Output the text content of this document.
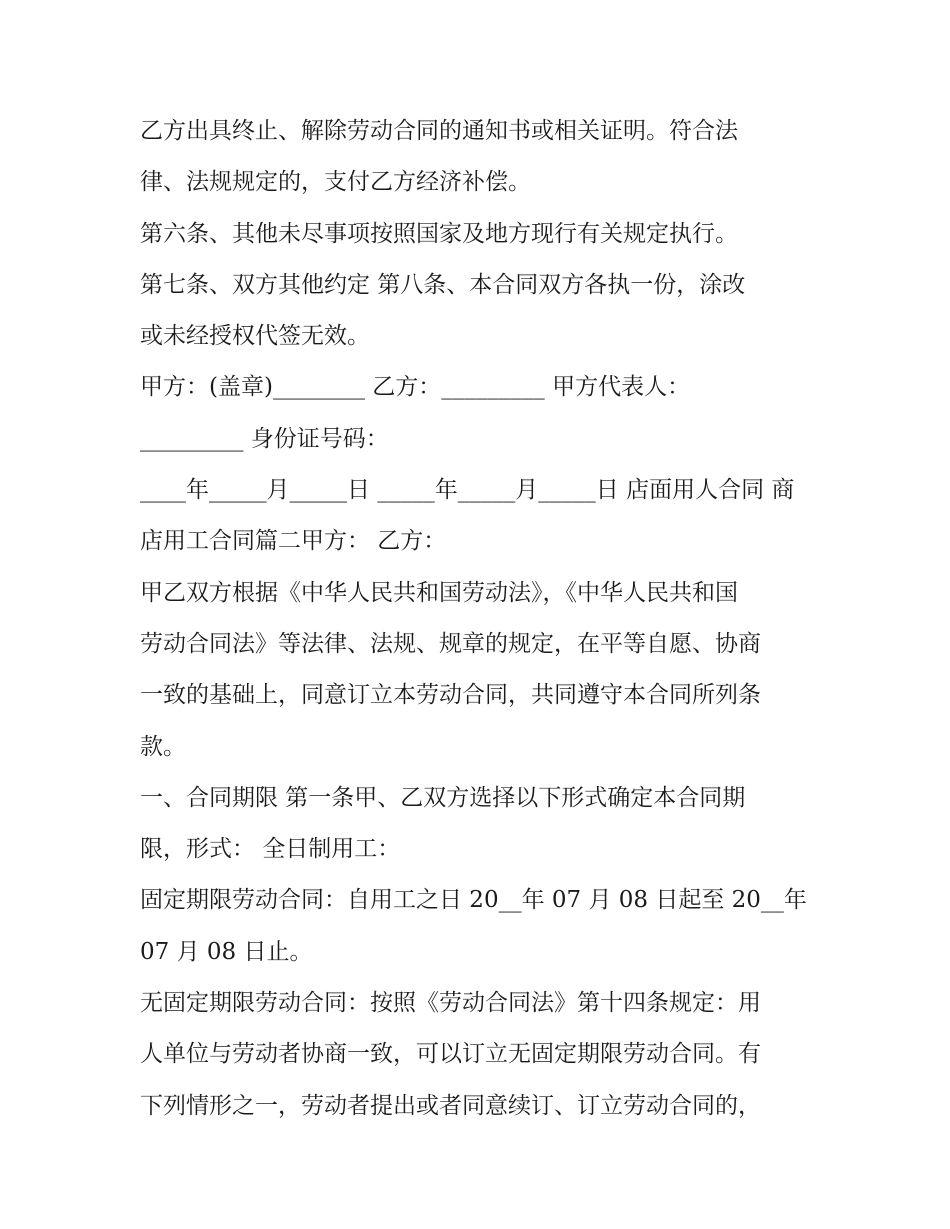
乙方出具终止、解除劳动合同的通知书或相关证明。符合法
律、法规规定的，支付乙方经济补偿。
第六条、其他未尽事项按照国家及地方现行有关规定执行。
第七条、双方其他约定 第八条、本合同双方各执一份，涂改
或未经授权代签无效。
甲方：(盖章)________ 乙方：_________ 甲方代表人：
_________ 身份证号码：
____年_____月_____日 _____年_____月_____日 店面用人合同 商
店用工合同篇二甲方： 乙方：
甲乙双方根据《中华人民共和国劳动法》，《中华人民共和国
劳动合同法》等法律、法规、规章的规定，在平等自愿、协商
一致的基础上，同意订立本劳动合同，共同遵守本合同所列条
款。
一、合同期限 第一条甲、乙双方选择以下形式确定本合同期
限，形式： 全日制用工：
固定期限劳动合同：自用工之日 20__年 07 月 08 日起至 20__年
07 月 08 日止。
无固定期限劳动合同：按照《劳动合同法》第十四条规定：用
人单位与劳动者协商一致，可以订立无固定期限劳动合同。有
下列情形之一，劳动者提出或者同意续订、订立劳动合同的，
